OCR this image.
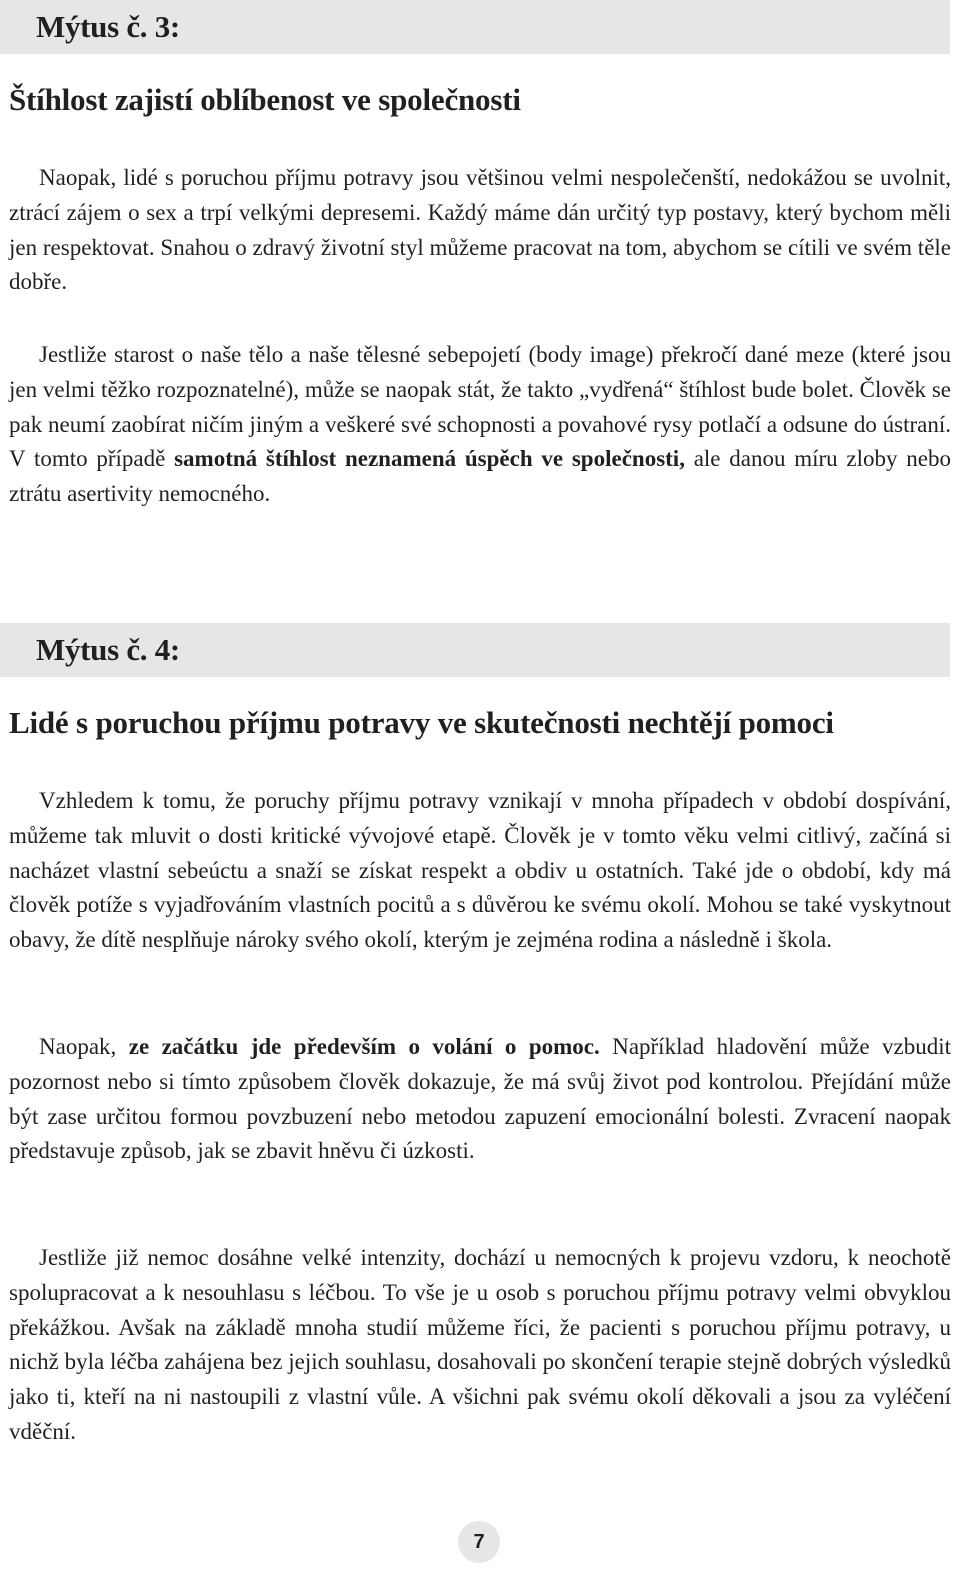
Mýtus č. 3:
Štíhlost zajistí oblíbenost ve společnosti

Naopak, lidé s poruchou příjmu potravy jsou většinou velmi nespolečenští, nedokážou se uvolnit, ztrácí zájem o sex a trpí velkými depresemi. Každý máme dán určitý typ postavy, který bychom měli jen respektovat. Snahou o zdravý životní styl můžeme pracovat na tom, abychom se cítili ve svém těle dobře.

Jestliže starost o naše tělo a naše tělesné sebepojetí (body image) překročí dané meze (které jsou jen velmi těžko rozpoznatelné), může se naopak stát, že takto „vydřená“ štíhlost bude bolet. Člověk se pak neumí zaobírat ničím jiným a veškeré své schopnosti a povahové rysy potlačí a odsune do ústraní. V tomto případě samotná štíhlost neznamená úspěch ve společnosti, ale danou míru zloby nebo ztrátu asertivity nemocného.

Mýtus č. 4:
Lidé s poruchou příjmu potravy ve skutečnosti nechtějí pomoci

Vzhledem k tomu, že poruchy příjmu potravy vznikají v mnoha případech v období dospívání, můžeme tak mluvit o dosti kritické vývojové etapě. Člověk je v tomto věku velmi citlivý, začíná si nacházet vlastní sebeúctu a snaží se získat respekt a obdiv u ostatních. Také jde o období, kdy má člověk potíže s vyjadřováním vlastních pocitů a s důvěrou ke svému okolí. Mohou se také vyskytnout obavy, že dítě nesplňuje nároky svého okolí, kterým je zejména rodina a následně i škola.

Naopak, ze začátku jde především o volání o pomoc. Například hladovění může vzbudit pozornost nebo si tímto způsobem člověk dokazuje, že má svůj život pod kontrolou. Přejídání může být zase určitou formou povzbuzení nebo metodou zapuzení emocionální bolesti. Zvracení naopak představuje způsob, jak se zbavit hněvu či úzkosti.

Jestliže již nemoc dosáhne velké intenzity, dochází u nemocných k projevu vzdoru, k neochotě spolupracovat a k nesouhlasu s léčbou. To vše je u osob s poruchou příjmu potravy velmi obvyklou překážkou. Avšak na základě mnoha studií můžeme říci, že pacienti s poruchou příjmu potravy, u nichž byla léčba zahájena bez jejich souhlasu, dosahovali po skončení terapie stejně dobrých výsledků jako ti, kteří na ni nastoupili z vlastní vůle. A všichni pak svému okolí děkovali a jsou za vyléčení vděční.

7
